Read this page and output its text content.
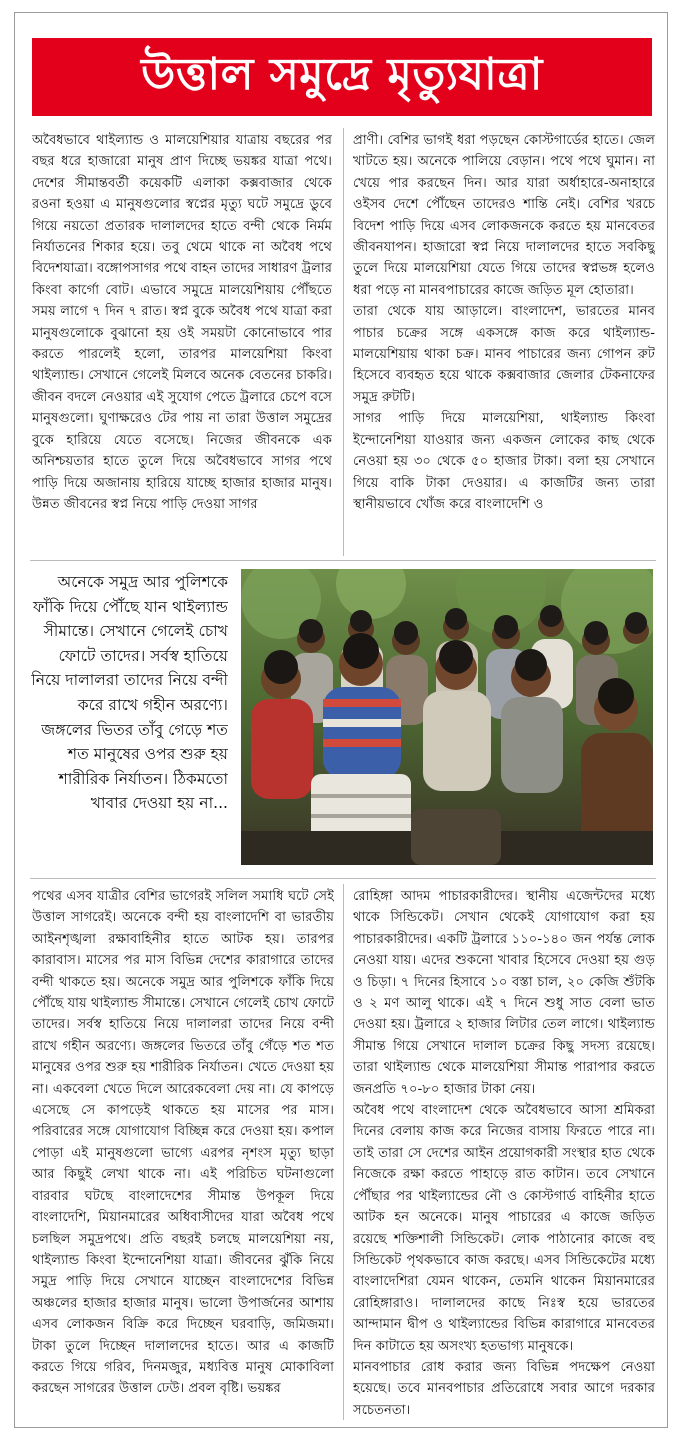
উত্তাল সমুদ্রে মৃত্যুযাত্রা

অবৈধভাবে থাইল্যান্ড ও মালয়েশিয়ার যাত্রায় বছরের পর বছর ধরে হাজারো মানুষ প্রাণ দিচ্ছে ভয়ঙ্কর যাত্রা পথে। দেশের সীমান্তবর্তী কয়েকটি এলাকা কক্সবাজার থেকে রওনা হওয়া এ মানুষগুলোর স্বপ্নের মৃত্যু ঘটে সমুদ্রে ডুবে গিয়ে নয়তো প্রতারক দালালদের হাতে বন্দী থেকে নির্মম নির্যাতনের শিকার হয়ে। তবু থেমে থাকে না অবৈধ পথে বিদেশযাত্রা। বঙ্গোপসাগর পথে বাহন তাদের সাধারণ ট্রলার কিংবা কার্গো বোট। এভাবে সমুদ্রে মালয়েশিয়ায় পৌঁছতে সময় লাগে ৭ দিন ৭ রাত। স্বপ্ন বুকে অবৈধ পথে যাত্রা করা মানুষগুলোকে বুঝানো হয় ওই সময়টা কোনোভাবে পার করতে পারলেই হলো, তারপর মালয়েশিয়া কিংবা থাইল্যান্ড। সেখানে গেলেই মিলবে অনেক বেতনের চাকরি। জীবন বদলে নেওয়ার এই সুযোগ পেতে ট্রলারে চেপে বসে মানুষগুলো। ঘুণাক্ষরেও টের পায় না তারা উত্তাল সমুদ্রের বুকে হারিয়ে যেতে বসেছে। নিজের জীবনকে এক অনিশ্চয়তার হাতে তুলে দিয়ে অবৈধভাবে সাগর পথে পাড়ি দিয়ে অজানায় হারিয়ে যাচ্ছে হাজার হাজার মানুষ। উন্নত জীবনের স্বপ্ন নিয়ে পাড়ি দেওয়া সাগর

প্রাণী। বেশির ভাগই ধরা পড়ছেন কোস্টগার্ডের হাতে। জেল খাটতে হয়। অনেকে পালিয়ে বেড়ান। পথে পথে ঘুমান। না খেয়ে পার করছেন দিন। আর যারা অর্ধাহারে-অনাহারে ওইসব দেশে পৌঁছেন তাদেরও শান্তি নেই। বেশির খরচে বিদেশ পাড়ি দিয়ে এসব লোকজনকে করতে হয় মানবেতর জীবনযাপন। হাজারো স্বপ্ন নিয়ে দালালদের হাতে সবকিছু তুলে দিয়ে মালয়েশিয়া যেতে গিয়ে তাদের স্বপ্নভঙ্গ হলেও ধরা পড়ে না মানবপাচারের কাজে জড়িত মূল হোতারা।

তারা থেকে যায় আড়ালে। বাংলাদেশ, ভারতের মানব পাচার চক্রের সঙ্গে একসঙ্গে কাজ করে থাইল্যান্ড-মালয়েশিয়ায় থাকা চক্র। মানব পাচারের জন্য গোপন রুট হিসেবে ব্যবহৃত হয়ে থাকে কক্সবাজার জেলার টেকনাফের সমুদ্র রুটটি।

সাগর পাড়ি দিয়ে মালয়েশিয়া, থাইল্যান্ড কিংবা ইন্দোনেশিয়া যাওয়ার জন্য একজন লোকের কাছ থেকে নেওয়া হয় ৩০ থেকে ৫০ হাজার টাকা। বলা হয় সেখানে গিয়ে বাকি টাকা দেওয়ার। এ কাজটির জন্য তারা স্থানীয়ভাবে খোঁজ করে বাংলাদেশি ও

অনেকে সমুদ্র আর পুলিশকে ফাঁকি দিয়ে পৌঁছে যান থাইল্যান্ড সীমান্তে। সেখানে গেলেই চোখ ফোটে তাদের। সর্বস্ব হাতিয়ে নিয়ে দালালরা তাদের নিয়ে বন্দী করে রাখে গহীন অরণ্যে। জঙ্গলের ভিতর তাঁবু গেড়ে শত শত মানুষের ওপর শুরু হয় শারীরিক নির্যাতন। ঠিকমতো খাবার দেওয়া হয় না...

পথের এসব যাত্রীর বেশির ভাগেরই সলিল সমাধি ঘটে সেই উত্তাল সাগরেই। অনেকে বন্দী হয় বাংলাদেশি বা ভারতীয় আইনশৃঙ্খলা রক্ষাবাহিনীর হাতে আটক হয়। তারপর কারাবাস। মাসের পর মাস বিভিন্ন দেশের কারাগারে তাদের বন্দী থাকতে হয়। অনেকে সমুদ্র আর পুলিশকে ফাঁকি দিয়ে পৌঁছে যায় থাইল্যান্ড সীমান্তে। সেখানে গেলেই চোখ ফোটে তাদের। সর্বস্ব হাতিয়ে নিয়ে দালালরা তাদের নিয়ে বন্দী রাখে গহীন অরণ্যে। জঙ্গলের ভিতরে তাঁবু গেঁড়ে শত শত মানুষের ওপর শুরু হয় শারীরিক নির্যাতন। খেতে দেওয়া হয় না। একবেলা খেতে দিলে আরেকবেলা দেয় না। যে কাপড়ে এসেছে সে কাপড়েই থাকতে হয় মাসের পর মাস। পরিবারের সঙ্গে যোগাযোগ বিচ্ছিন্ন করে দেওয়া হয়। কপাল পোড়া এই মানুষগুলো ভাগ্যে এরপর নৃশংস মৃত্যু ছাড়া আর কিছুই লেখা থাকে না। এই পরিচিত ঘটনাগুলো বারবার ঘটছে বাংলাদেশের সীমান্ত উপকূল দিয়ে বাংলাদেশি, মিয়ানমারের অধিবাসীদের যারা অবৈধ পথে চলছিল সমুদ্রপথে। প্রতি বছরই চলছে মালয়েশিয়া নয়, থাইল্যান্ড কিংবা ইন্দোনেশিয়া যাত্রা। জীবনের ঝুঁকি নিয়ে সমুদ্র পাড়ি দিয়ে সেখানে যাচ্ছেন বাংলাদেশের বিভিন্ন অঞ্চলের হাজার হাজার মানুষ। ভালো উপার্জনের আশায় এসব লোকজন বিক্রি করে দিচ্ছেন ঘরবাড়ি, জমিজমা। টাকা তুলে দিচ্ছেন দালালদের হাতে। আর এ কাজটি করতে গিয়ে গরিব, দিনমজুর, মধ্যবিত্ত মানুষ মোকাবিলা করছেন সাগরের উত্তাল ঢেউ। প্রবল বৃষ্টি। ভয়ঙ্কর

রোহিঙ্গা আদম পাচারকারীদের। স্থানীয় এজেন্টদের মধ্যে থাকে সিন্ডিকেট। সেখান থেকেই যোগাযোগ করা হয় পাচারকারীদের। একটি ট্রলারে ১১০-১৪০ জন পর্যন্ত লোক নেওয়া যায়। এদের শুকনো খাবার হিসেবে দেওয়া হয় গুড় ও চিড়া। ৭ দিনের হিসাবে ১০ বস্তা চাল, ২০ কেজি শুঁটকি ও ২ মণ আলু থাকে। এই ৭ দিনে শুধু সাত বেলা ভাত দেওয়া হয়। ট্রলারে ২ হাজার লিটার তেল লাগে। থাইল্যান্ড সীমান্ত গিয়ে সেখানে দালাল চক্রের কিছু সদস্য রয়েছে। তারা থাইল্যান্ড থেকে মালয়েশিয়া সীমান্ত পারাপার করতে জনপ্রতি ৭০-৮০ হাজার টাকা নেয়।

অবৈধ পথে বাংলাদেশ থেকে অবৈধভাবে আসা শ্রমিকরা দিনের বেলায় কাজ করে নিজের বাসায় ফিরতে পারে না। তাই তারা সে দেশের আইন প্রয়োগকারী সংস্থার হাত থেকে নিজেকে রক্ষা করতে পাহাড়ে রাত কাটান। তবে সেখানে পৌঁছার পর থাইল্যান্ডের নৌ ও কোস্টগার্ড বাহিনীর হাতে আটক হন অনেকে। মানুষ পাচারের এ কাজে জড়িত রয়েছে শক্তিশালী সিন্ডিকেট। লোক পাঠানোর কাজে বহু সিন্ডিকেট পৃথকভাবে কাজ করছে। এসব সিন্ডিকেটের মধ্যে বাংলাদেশিরা যেমন থাকেন, তেমনি থাকেন মিয়ানমারের রোহিঙ্গারাও। দালালদের কাছে নিঃস্ব হয়ে ভারতের আন্দামান দ্বীপ ও থাইল্যান্ডের বিভিন্ন কারাগারে মানবেতর দিন কাটাতে হয় অসংখ্য হতভাগ্য মানুষকে।

মানবপাচার রোধ করার জন্য বিভিন্ন পদক্ষেপ নেওয়া হয়েছে। তবে মানবপাচার প্রতিরোধে সবার আগে দরকার সচেতনতা।
